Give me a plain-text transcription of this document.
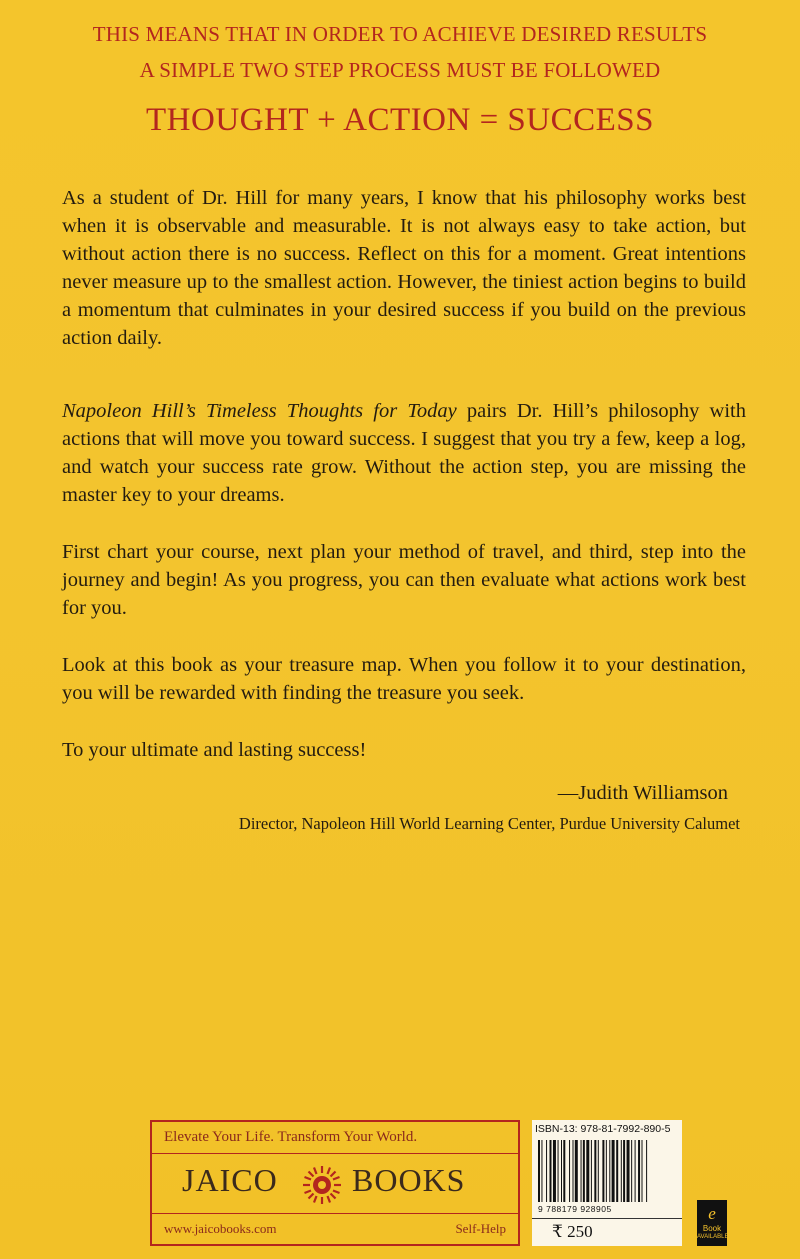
THIS MEANS THAT IN ORDER TO ACHIEVE DESIRED RESULTS
A SIMPLE TWO STEP PROCESS MUST BE FOLLOWED
THOUGHT + ACTION = SUCCESS

As a student of Dr. Hill for many years, I know that his philosophy works best when it is observable and measurable. It is not always easy to take action, but without action there is no success. Reflect on this for a moment. Great intentions never measure up to the smallest action. However, the tiniest action begins to build a momentum that culminates in your desired success if you build on the previous action daily.

Napoleon Hill’s Timeless Thoughts for Today pairs Dr. Hill’s philosophy with actions that will move you toward success. I suggest that you try a few, keep a log, and watch your success rate grow. Without the action step, you are missing the master key to your dreams.

First chart your course, next plan your method of travel, and third, step into the journey and begin! As you progress, you can then evaluate what actions work best for you.

Look at this book as your treasure map. When you follow it to your destination, you will be rewarded with finding the treasure you seek.

To your ultimate and lasting success!

—Judith Williamson
Director, Napoleon Hill World Learning Center, Purdue University Calumet
Elevate Your Life. Transform Your World.
JAICO BOOKS
www.jaicobooks.com	Self-Help
ISBN-13: 978-81-7992-890-5
9 788179 928905
₹ 250
e
Book
AVAILABLE
